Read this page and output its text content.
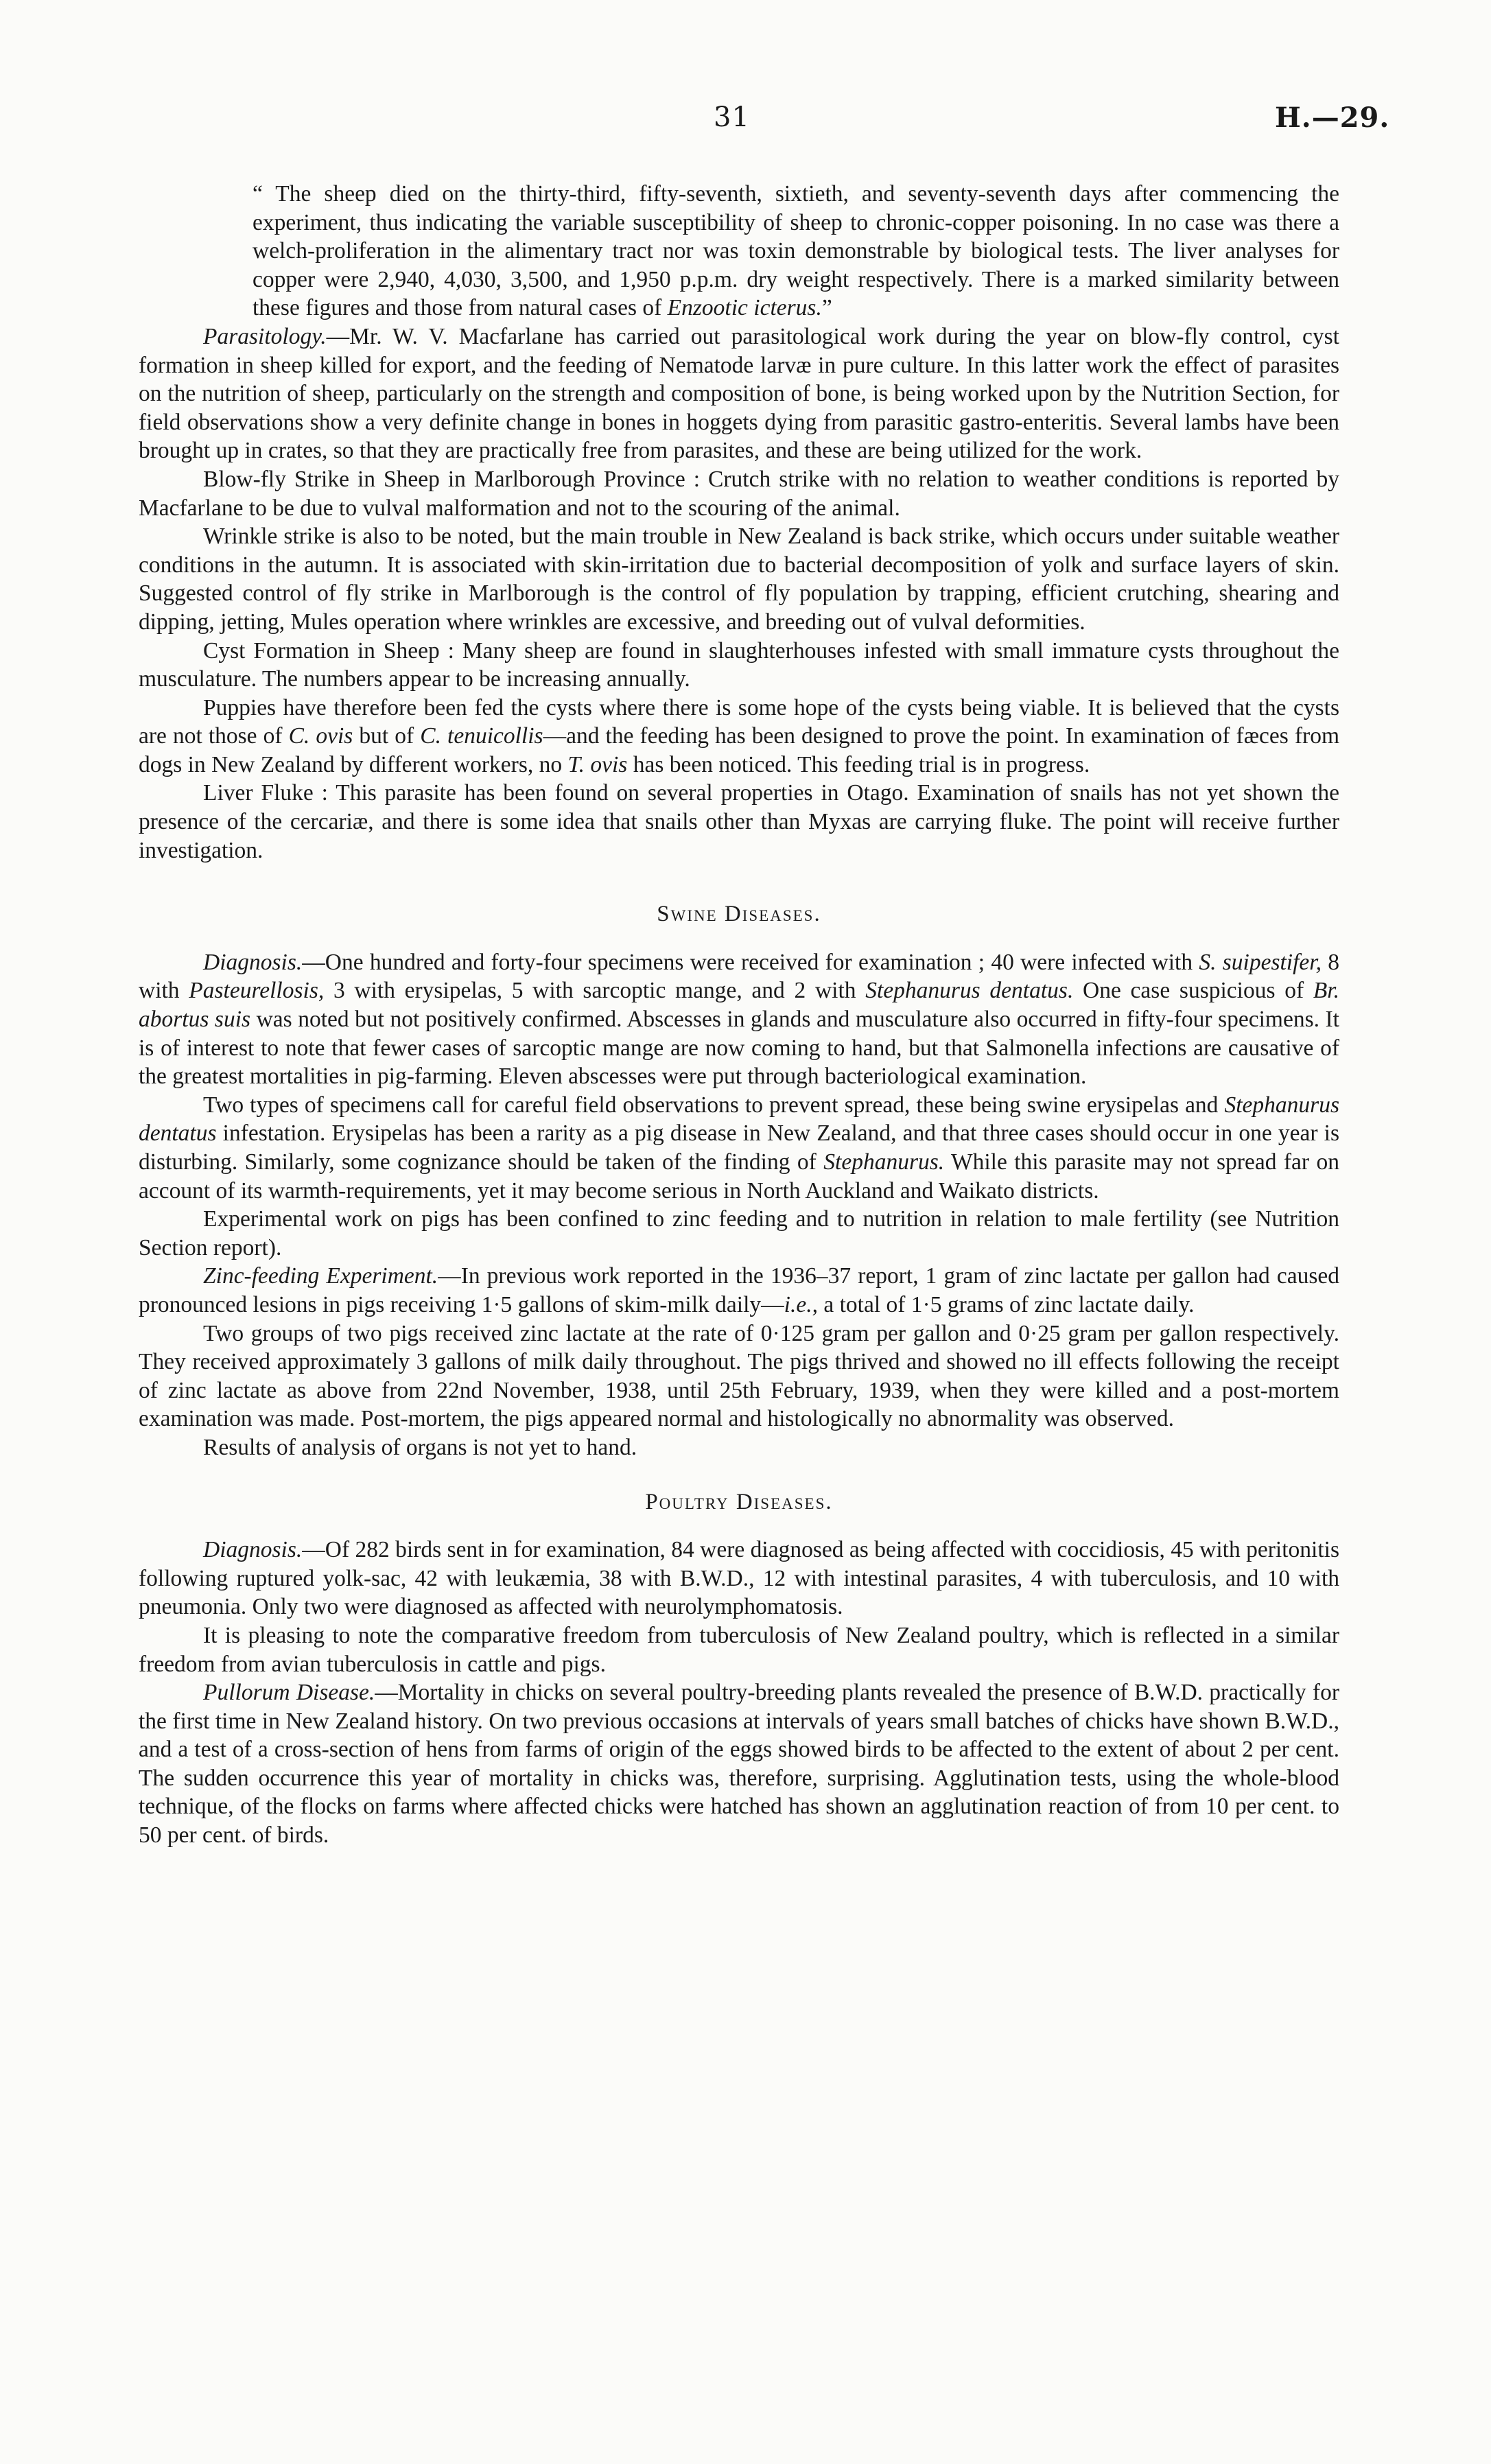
31	H.—29.

“ The sheep died on the thirty-third, fifty-seventh, sixtieth, and seventy-seventh days after commencing the experiment, thus indicating the variable susceptibility of sheep to chronic-copper poisoning. In no case was there a welch-proliferation in the alimentary tract nor was toxin demonstrable by biological tests. The liver analyses for copper were 2,940, 4,030, 3,500, and 1,950 p.p.m. dry weight respectively. There is a marked similarity between these figures and those from natural cases of Enzootic icterus.”

Parasitology.—Mr. W. V. Macfarlane has carried out parasitological work during the year on blow-fly control, cyst formation in sheep killed for export, and the feeding of Nematode larvæ in pure culture. In this latter work the effect of parasites on the nutrition of sheep, particularly on the strength and composition of bone, is being worked upon by the Nutrition Section, for field observations show a very definite change in bones in hoggets dying from parasitic gastro-enteritis. Several lambs have been brought up in crates, so that they are practically free from parasites, and these are being utilized for the work.

Blow-fly Strike in Sheep in Marlborough Province : Crutch strike with no relation to weather conditions is reported by Macfarlane to be due to vulval malformation and not to the scouring of the animal.

Wrinkle strike is also to be noted, but the main trouble in New Zealand is back strike, which occurs under suitable weather conditions in the autumn. It is associated with skin-irritation due to bacterial decomposition of yolk and surface layers of skin. Suggested control of fly strike in Marlborough is the control of fly population by trapping, efficient crutching, shearing and dipping, jetting, Mules operation where wrinkles are excessive, and breeding out of vulval deformities.

Cyst Formation in Sheep : Many sheep are found in slaughterhouses infested with small immature cysts throughout the musculature. The numbers appear to be increasing annually.

Puppies have therefore been fed the cysts where there is some hope of the cysts being viable. It is believed that the cysts are not those of C. ovis but of C. tenuicollis—and the feeding has been designed to prove the point. In examination of fæces from dogs in New Zealand by different workers, no T. ovis has been noticed. This feeding trial is in progress.

Liver Fluke : This parasite has been found on several properties in Otago. Examination of snails has not yet shown the presence of the cercariæ, and there is some idea that snails other than Myxas are carrying fluke. The point will receive further investigation.

Swine Diseases.

Diagnosis.—One hundred and forty-four specimens were received for examination ; 40 were infected with S. suipestifer, 8 with Pasteurellosis, 3 with erysipelas, 5 with sarcoptic mange, and 2 with Stephanurus dentatus. One case suspicious of Br. abortus suis was noted but not positively confirmed. Abscesses in glands and musculature also occurred in fifty-four specimens. It is of interest to note that fewer cases of sarcoptic mange are now coming to hand, but that Salmonella infections are causative of the greatest mortalities in pig-farming. Eleven abscesses were put through bacteriological examination.

Two types of specimens call for careful field observations to prevent spread, these being swine erysipelas and Stephanurus dentatus infestation. Erysipelas has been a rarity as a pig disease in New Zealand, and that three cases should occur in one year is disturbing. Similarly, some cognizance should be taken of the finding of Stephanurus. While this parasite may not spread far on account of its warmth-requirements, yet it may become serious in North Auckland and Waikato districts.

Experimental work on pigs has been confined to zinc feeding and to nutrition in relation to male fertility (see Nutrition Section report).

Zinc-feeding Experiment.—In previous work reported in the 1936–37 report, 1 gram of zinc lactate per gallon had caused pronounced lesions in pigs receiving 1·5 gallons of skim-milk daily—i.e., a total of 1·5 grams of zinc lactate daily.

Two groups of two pigs received zinc lactate at the rate of 0·125 gram per gallon and 0·25 gram per gallon respectively. They received approximately 3 gallons of milk daily throughout. The pigs thrived and showed no ill effects following the receipt of zinc lactate as above from 22nd November, 1938, until 25th February, 1939, when they were killed and a post-mortem examination was made. Post-mortem, the pigs appeared normal and histologically no abnormality was observed.

Results of analysis of organs is not yet to hand.

Poultry Diseases.

Diagnosis.—Of 282 birds sent in for examination, 84 were diagnosed as being affected with coccidiosis, 45 with peritonitis following ruptured yolk-sac, 42 with leukæmia, 38 with B.W.D., 12 with intestinal parasites, 4 with tuberculosis, and 10 with pneumonia. Only two were diagnosed as affected with neurolymphomatosis.

It is pleasing to note the comparative freedom from tuberculosis of New Zealand poultry, which is reflected in a similar freedom from avian tuberculosis in cattle and pigs.

Pullorum Disease.—Mortality in chicks on several poultry-breeding plants revealed the presence of B.W.D. practically for the first time in New Zealand history. On two previous occasions at intervals of years small batches of chicks have shown B.W.D., and a test of a cross-section of hens from farms of origin of the eggs showed birds to be affected to the extent of about 2 per cent. The sudden occurrence this year of mortality in chicks was, therefore, surprising. Agglutination tests, using the whole-blood technique, of the flocks on farms where affected chicks were hatched has shown an agglutination reaction of from 10 per cent. to 50 per cent. of birds.
